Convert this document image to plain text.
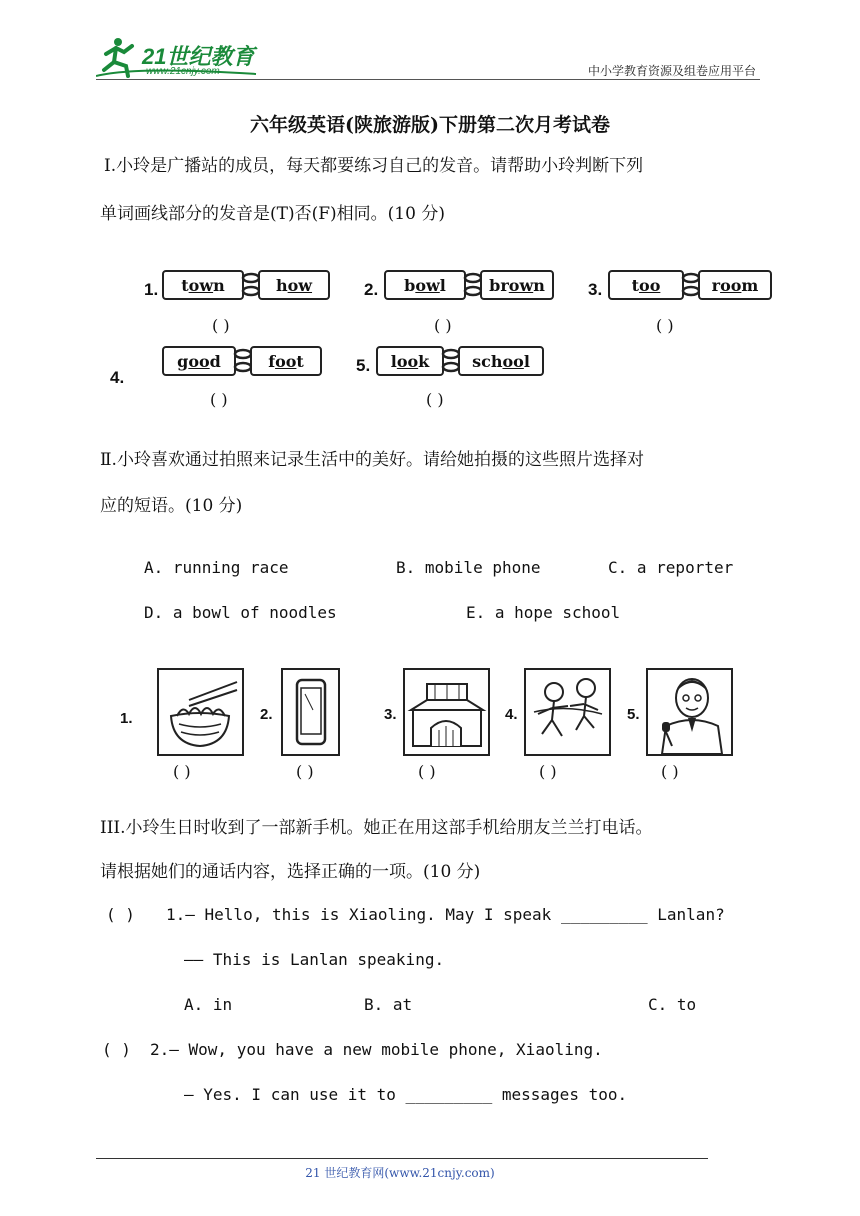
21世纪教育
www.21cnjy.com	中小学教育资源及组卷应用平台
六年级英语(陕旅游版)下册第二次月考试卷
Ⅰ.小玲是广播站的成员，每天都要练习自己的发音。请帮助小玲判断下列
单词画线部分的发音是(T)否(F)相同。(10 分)
1.	t ow n	h ow
( )
2.	b ow l	br ow n
( )
3.	t oo	r oo m
( )
4.
g oo d	f oo t
( )
5.	l oo k	sch oo l
( )
Ⅱ.小玲喜欢通过拍照来记录生活中的美好。请给她拍摄的这些照片选择对
应的短语。(10 分)
A. running race	B. mobile phone	C. a reporter
D. a bowl of noodles	E. a hope school
1.	2.	3.	4.	5.
( )	( )	( )	( )	( )
III.小玲生日时收到了一部新手机。她正在用这部手机给朋友兰兰打电话。
请根据她们的通话内容，选择正确的一项。(10 分)
( ) 1.— Hello, this is Xiaoling. May I speak _________ Lanlan?
—— This is Lanlan speaking.
A. in	B. at	C. to
( ) 2.— Wow, you have a new mobile phone, Xiaoling.
— Yes. I can use it to _________ messages too.
21 世纪教育网(www.21cnjy.com)
